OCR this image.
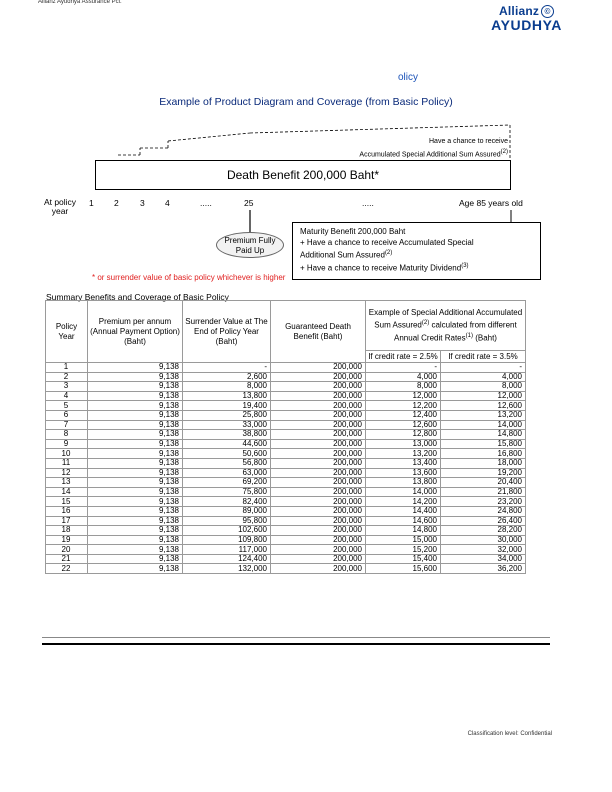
Allianz Ayudhya Assurance Pcl.
Allianz ©
AYUDHYA
olicy
Example of Product Diagram and Coverage (from Basic Policy)
Have a chance to receive
Accumulated Special Additional Sum Assured$^{(2)}$
Death Benefit 200,000 Baht*
At policy year
1 2	3 4	.....	25	.....	Age 85 years old
Premium Fully Paid Up
* or surrender value of basic policy whichever is higher
Maturity Benefit 200,000 Baht
+ Have a chance to receive Accumulated Special
Additional Sum Assured$^{(2)}$
+ Have a chance to receive Maturity Dividend$^{(3)}$
Summary Benefits and Coverage of Basic Policy
Policy Year	Premium per annum (Annual Payment Option) (Baht)	Surrender Value at The End of Policy Year (Baht)	Guaranteed Death Benefit (Baht)	Example of Special Additional Accumulated Sum Assured$^{(2)}$ calculated from different Annual Credit Rates$^{(1)}$ (Baht)	
				If credit rate = 2.5%	If credit rate = 3.5%
1	9,138	-	200,000	-	-
2	9,138	2,600	200,000	4,000	4,000
3	9,138	8,000	200,000	8,000	8,000
4	9,138	13,800	200,000	12,000	12,000
5	9,138	19,400	200,000	12,200	12,600
6	9,138	25,800	200,000	12,400	13,200
7	9,138	33,000	200,000	12,600	14,000
8	9,138	38,800	200,000	12,800	14,800
9	9,138	44,600	200,000	13,000	15,800
10	9,138	50,600	200,000	13,200	16,800
11	9,138	56,800	200,000	13,400	18,000
12	9,138	63,000	200,000	13,600	19,200
13	9,138	69,200	200,000	13,800	20,400
14	9,138	75,800	200,000	14,000	21,800
15	9,138	82,400	200,000	14,200	23,200
16	9,138	89,000	200,000	14,400	24,800
17	9,138	95,800	200,000	14,600	26,400
18	9,138	102,600	200,000	14,800	28,200
19	9,138	109,800	200,000	15,000	30,000
20	9,138	117,000	200,000	15,200	32,000
21	9,138	124,400	200,000	15,400	34,000
22	9,138	132,000	200,000	15,600	36,200
Classification level: Confidential
